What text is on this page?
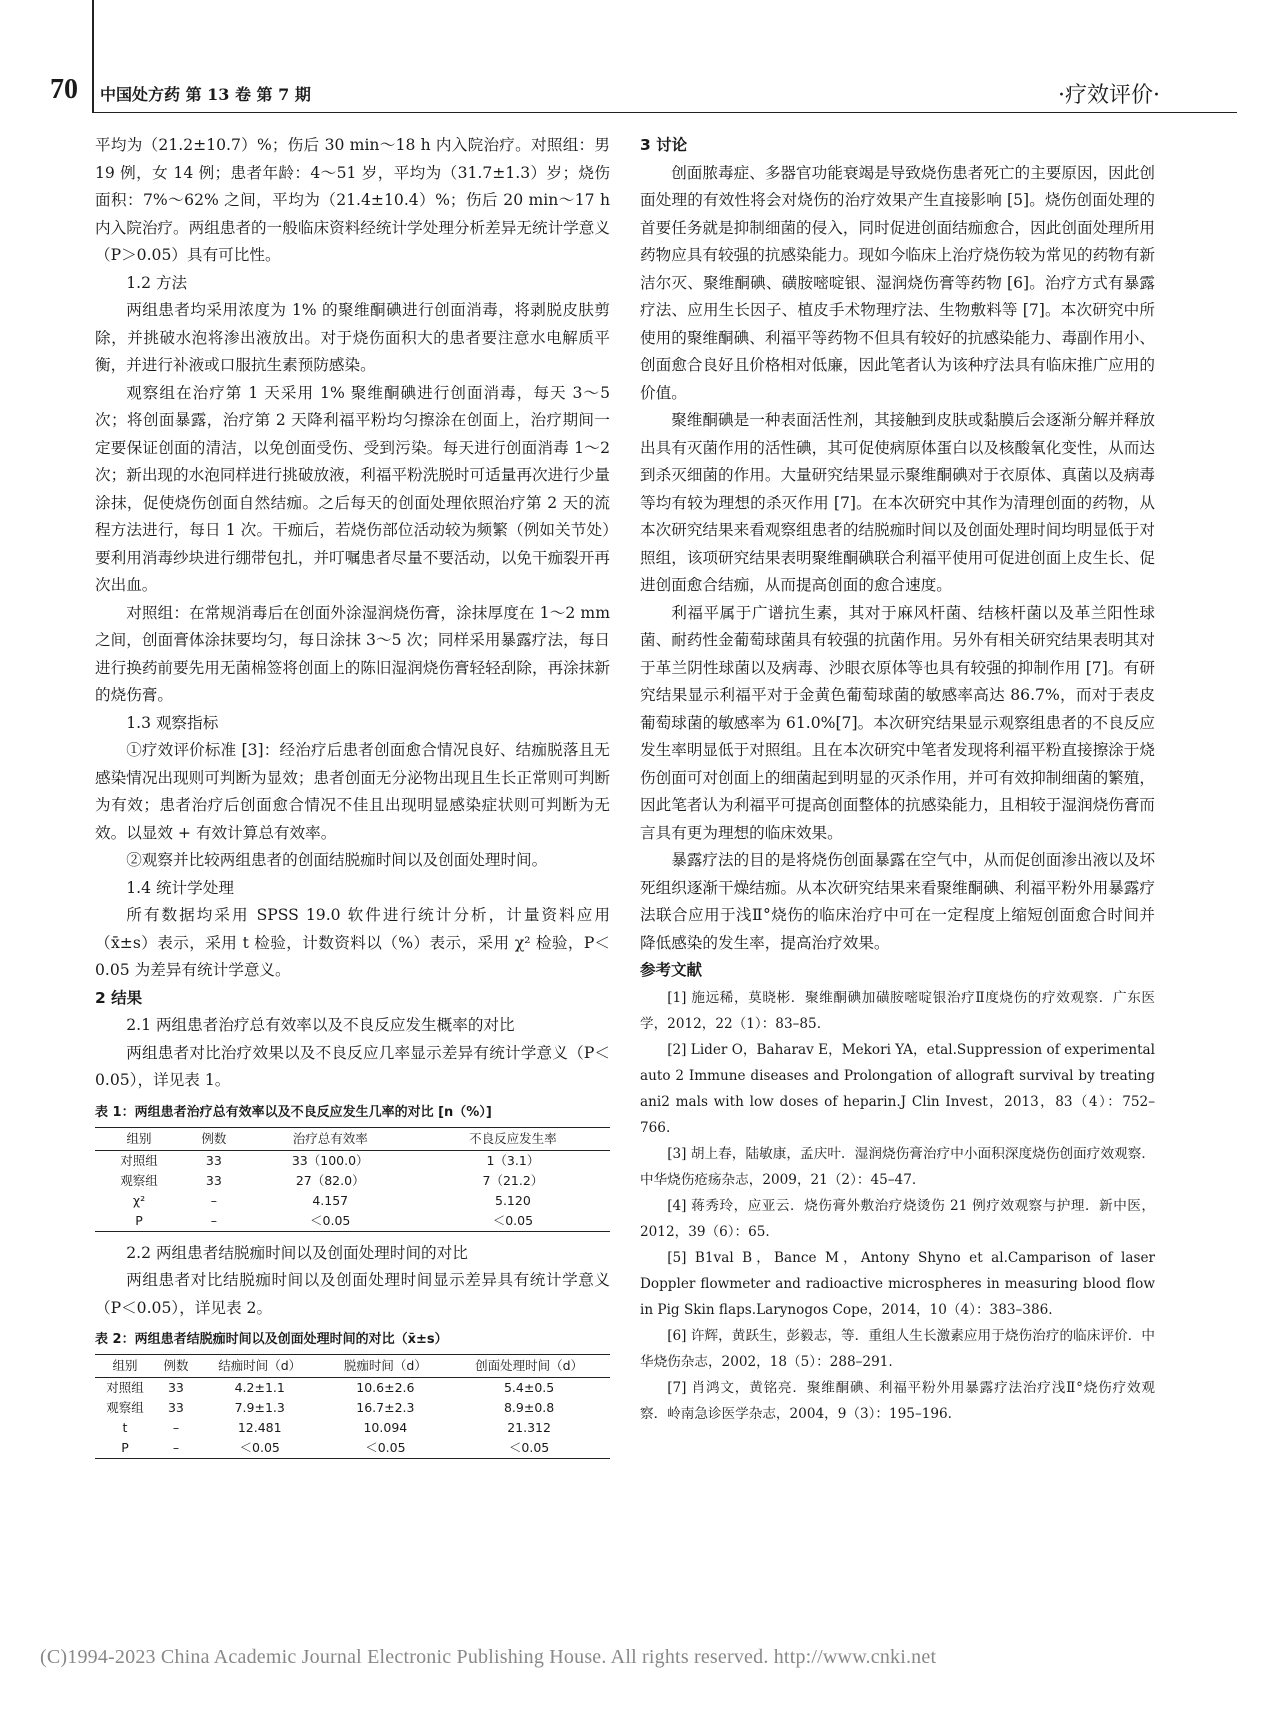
70 中国处方药 第 13 卷 第 7 期	·疗效评价·

平均为（21.2±10.7）%；伤后 30 min～18 h 内入院治疗。对照组：男 19 例，女 14 例；患者年龄：4～51 岁，平均为（31.7±1.3）岁；烧伤面积：7%～62% 之间，平均为（21.4±10.4）%；伤后 20 min～17 h 内入院治疗。两组患者的一般临床资料经统计学处理分析差异无统计学意义（P＞0.05）具有可比性。

1.2 方法

两组患者均采用浓度为 1% 的聚维酮碘进行创面消毒，将剥脱皮肤剪除，并挑破水泡将渗出液放出。对于烧伤面积大的患者要注意水电解质平衡，并进行补液或口服抗生素预防感染。

观察组在治疗第 1 天采用 1% 聚维酮碘进行创面消毒，每天 3～5 次；将创面暴露，治疗第 2 天降利福平粉均匀擦涂在创面上，治疗期间一定要保证创面的清洁，以免创面受伤、受到污染。每天进行创面消毒 1～2 次；新出现的水泡同样进行挑破放液，利福平粉洗脱时可适量再次进行少量涂抹，促使烧伤创面自然结痂。之后每天的创面处理依照治疗第 2 天的流程方法进行，每日 1 次。干痂后，若烧伤部位活动较为频繁（例如关节处）要利用消毒纱块进行绷带包扎，并叮嘱患者尽量不要活动，以免干痂裂开再次出血。

对照组：在常规消毒后在创面外涂湿润烧伤膏，涂抹厚度在 1～2 mm 之间，创面膏体涂抹要均匀，每日涂抹 3～5 次；同样采用暴露疗法，每日进行换药前要先用无菌棉签将创面上的陈旧湿润烧伤膏轻轻刮除，再涂抹新的烧伤膏。

1.3 观察指标

①疗效评价标准 [3]：经治疗后患者创面愈合情况良好、结痂脱落且无感染情况出现则可判断为显效；患者创面无分泌物出现且生长正常则可判断为有效；患者治疗后创面愈合情况不佳且出现明显感染症状则可判断为无效。以显效 + 有效计算总有效率。

②观察并比较两组患者的创面结脱痂时间以及创面处理时间。

1.4 统计学处理

所有数据均采用 SPSS 19.0 软件进行统计分析，计量资料应用（x̄±s）表示，采用 t 检验，计数资料以（%）表示，采用 χ² 检验，P＜0.05 为差异有统计学意义。

2 结果

2.1 两组患者治疗总有效率以及不良反应发生概率的对比

两组患者对比治疗效果以及不良反应几率显示差异有统计学意义（P＜0.05），详见表 1。

表 1：两组患者治疗总有效率以及不良反应发生几率的对比 [n（%）]

组别	例数	治疗总有效率	不良反应发生率
对照组	33	33（100.0）	1（3.1）
观察组	33	27（82.0）	7（21.2）
χ²	–	4.157	5.120
P	–	＜0.05	＜0.05

2.2 两组患者结脱痂时间以及创面处理时间的对比

两组患者对比结脱痂时间以及创面处理时间显示差异具有统计学意义（P＜0.05），详见表 2。

表 2：两组患者结脱痂时间以及创面处理时间的对比（x̄±s）

组别	例数	结痂时间（d）	脱痂时间（d）	创面处理时间（d）
对照组	33	4.2±1.1	10.6±2.6	5.4±0.5
观察组	33	7.9±1.3	16.7±2.3	8.9±0.8
t	–	12.481	10.094	21.312
P	–	＜0.05	＜0.05	＜0.05

3 讨论

创面脓毒症、多器官功能衰竭是导致烧伤患者死亡的主要原因，因此创面处理的有效性将会对烧伤的治疗效果产生直接影响 [5]。烧伤创面处理的首要任务就是抑制细菌的侵入，同时促进创面结痂愈合，因此创面处理所用药物应具有较强的抗感染能力。现如今临床上治疗烧伤较为常见的药物有新洁尔灭、聚维酮碘、磺胺嘧啶银、湿润烧伤膏等药物 [6]。治疗方式有暴露疗法、应用生长因子、植皮手术物理疗法、生物敷料等 [7]。本次研究中所使用的聚维酮碘、利福平等药物不但具有较好的抗感染能力、毒副作用小、创面愈合良好且价格相对低廉，因此笔者认为该种疗法具有临床推广应用的价值。

聚维酮碘是一种表面活性剂，其接触到皮肤或黏膜后会逐渐分解并释放出具有灭菌作用的活性碘，其可促使病原体蛋白以及核酸氧化变性，从而达到杀灭细菌的作用。大量研究结果显示聚维酮碘对于衣原体、真菌以及病毒等均有较为理想的杀灭作用 [7]。在本次研究中其作为清理创面的药物，从本次研究结果来看观察组患者的结脱痂时间以及创面处理时间均明显低于对照组，该项研究结果表明聚维酮碘联合利福平使用可促进创面上皮生长、促进创面愈合结痂，从而提高创面的愈合速度。

利福平属于广谱抗生素，其对于麻风杆菌、结核杆菌以及革兰阳性球菌、耐药性金葡萄球菌具有较强的抗菌作用。另外有相关研究结果表明其对于革兰阴性球菌以及病毒、沙眼衣原体等也具有较强的抑制作用 [7]。有研究结果显示利福平对于金黄色葡萄球菌的敏感率高达 86.7%，而对于表皮葡萄球菌的敏感率为 61.0%[7]。本次研究结果显示观察组患者的不良反应发生率明显低于对照组。且在本次研究中笔者发现将利福平粉直接擦涂于烧伤创面可对创面上的细菌起到明显的灭杀作用，并可有效抑制细菌的繁殖，因此笔者认为利福平可提高创面整体的抗感染能力，且相较于湿润烧伤膏而言具有更为理想的临床效果。

暴露疗法的目的是将烧伤创面暴露在空气中，从而促创面渗出液以及坏死组织逐渐干燥结痂。从本次研究结果来看聚维酮碘、利福平粉外用暴露疗法联合应用于浅Ⅱ°烧伤的临床治疗中可在一定程度上缩短创面愈合时间并降低感染的发生率，提高治疗效果。

参考文献

[1] 施远稀，莫晓彬．聚维酮碘加磺胺嘧啶银治疗Ⅱ度烧伤的疗效观察．广东医学，2012，22（1）：83–85.

[2] Lider O，Baharav E，Mekori YA，etal.Suppression of experimental auto 2 Immune diseases and Prolongation of allograft survival by treating ani2 mals with low doses of heparin.J Clin Invest，2013，83（4）：752–766.

[3] 胡上春，陆敏康，孟庆叶．湿润烧伤膏治疗中小面积深度烧伤创面疗效观察．中华烧伤疮疡杂志，2009，21（2）：45–47.

[4] 蒋秀玲，应亚云．烧伤膏外敷治疗烧烫伤 21 例疗效观察与护理．新中医，2012，39（6）：65.

[5] B1val B，Bance M，Antony Shyno et al.Camparison of laser Doppler flowmeter and radioactive microspheres in measuring blood flow in Pig Skin flaps.Larynogos Cope，2014，10（4）：383–386.

[6] 许辉，黄跃生，彭毅志，等．重组人生长激素应用于烧伤治疗的临床评价．中华烧伤杂志，2002，18（5）：288–291.

[7] 肖鸿文，黄铭亮．聚维酮碘、利福平粉外用暴露疗法治疗浅Ⅱ°烧伤疗效观察．岭南急诊医学杂志，2004，9（3）：195–196.

(C)1994-2023 China Academic Journal Electronic Publishing House. All rights reserved. http://www.cnki.net
